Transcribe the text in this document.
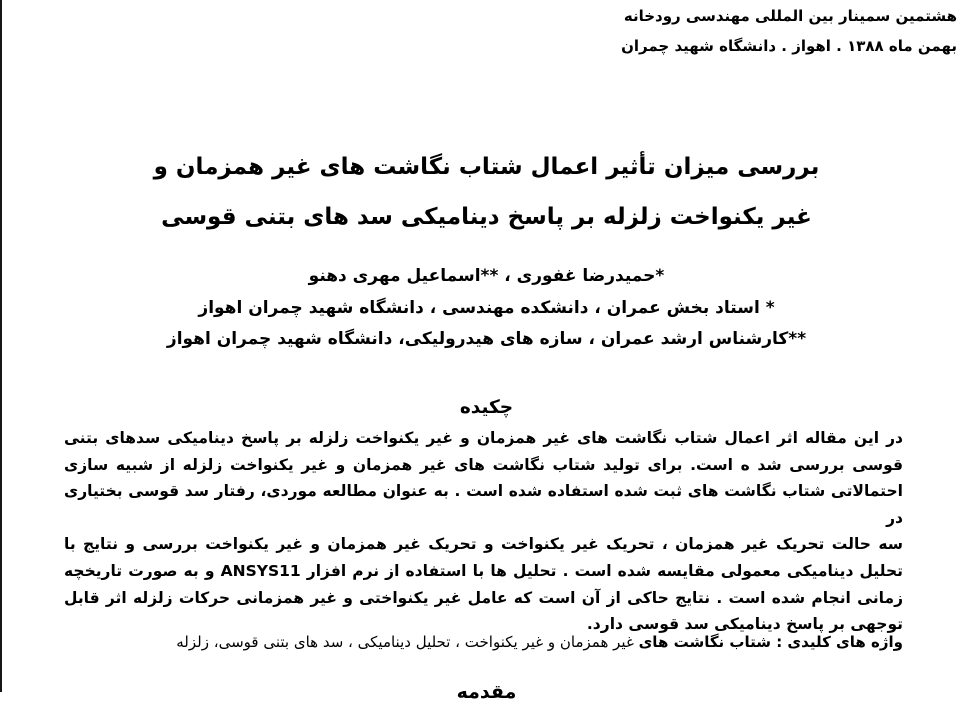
هشتمین سمینار بین المللی مهندسی رودخانه
بهمن ماه ۱۳۸۸ . اهواز . دانشگاه شهید چمران
بررسی میزان تأثیر اعمال شتاب نگاشت های غیر همزمان و
غیر یکنواخت زلزله بر پاسخ دینامیکی سد های بتنی قوسی
*حمیدرضا غفوری ، **اسماعیل مهری دهنو
* استاد بخش عمران ، دانشکده مهندسی ، دانشگاه شهید چمران اهواز
**کارشناس ارشد عمران ، سازه های هیدرولیکی، دانشگاه شهید چمران اهواز
چکیده
در این مقاله اثر اعمال شتاب نگاشت های غیر همزمان و غیر یکنواخت زلزله بر پاسخ دینامیکی سدهای بتنی
قوسی بررسی شد ه است. برای تولید شتاب نگاشت های غیر همزمان و غیر یکنواخت زلزله از شبیه سازی
احتمالاتی شتاب نگاشت های ثبت شده استفاده شده است . به عنوان مطالعه موردی، رفتار سد قوسی بختیاری در
سه حالت تحریک غیر همزمان ، تحریک غیر یکنواخت و تحریک غیر همزمان و غیر یکنواخت بررسی و نتایج با
تحلیل دینامیکی معمولی مقایسه شده است . تحلیل ها با استفاده از نرم افزار ANSYS11 و به صورت تاریخچه
زمانی انجام شده است . نتایج حاکی از آن است که عامل غیر یکنواختی و غیر همزمانی حرکات زلزله اثر قابل
توجهی بر پاسخ دینامیکی سد قوسی دارد.

واژه های کلیدی : شتاب نگاشت های غیر همزمان و غیر یکنواخت ، تحلیل دینامیکی ، سد های بتنی قوسی، زلزله

مقدمه
